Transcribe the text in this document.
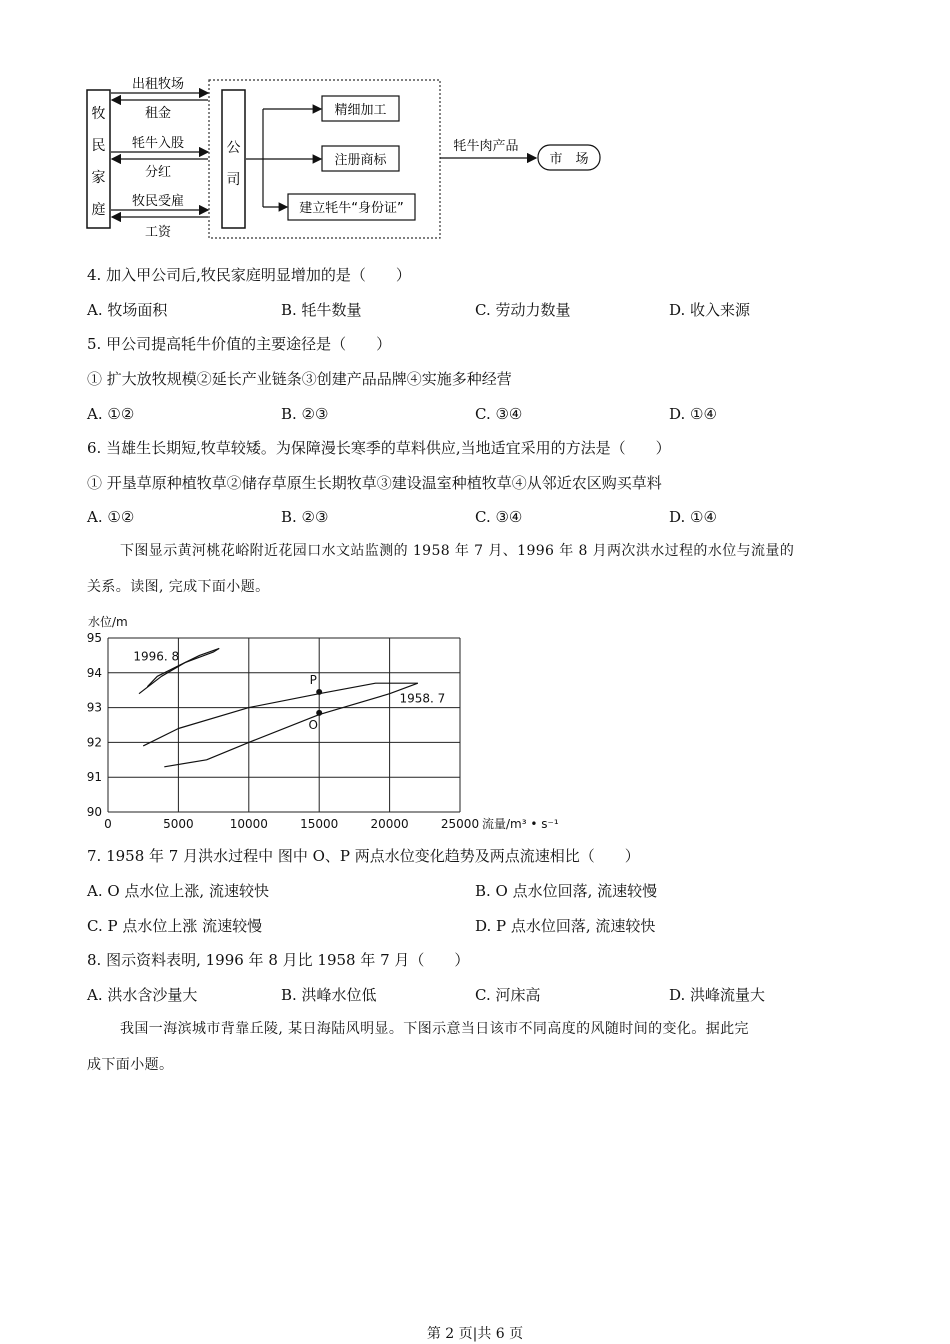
牧
民
家
庭
出租牧场
租金
牦牛入股
分红
牧民受雇
工资
公
司
精细加工
注册商标
建立牦牛“身份证”
牦牛肉产品
市　场
4. 加入甲公司后,牧民家庭明显增加的是（　　）
A. 牧场面积	B. 牦牛数量	C. 劳动力数量	D. 收入来源
5. 甲公司提高牦牛价值的主要途径是（　　）
① 扩大放牧规模②延长产业链条③创建产品品牌④实施多种经营
A. ①②	B. ②③	C. ③④	D. ①④
6. 当雄生长期短,牧草较矮。为保障漫长寒季的草料供应,当地适宜采用的方法是（　　）
① 开垦草原种植牧草②储存草原生长期牧草③建设温室种植牧草④从邻近农区购买草料
A. ①②	B. ②③	C. ③④	D. ①④
下图显示黄河桃花峪附近花园口水文站监测的 1958 年 7 月、1996 年 8 月两次洪水过程的水位与流量的
关系。读图, 完成下面小题。
0	5000	10000	15000	20000	25000
90
91
92
93
94
95
水位/m
流量/m³ • s⁻¹
1996. 8
1958. 7
P
O
7. 1958 年 7 月洪水过程中 图中 O、P 两点水位变化趋势及两点流速相比（　　）
A. O 点水位上涨, 流速较快	B. O 点水位回落, 流速较慢
C. P 点水位上涨 流速较慢	D. P 点水位回落, 流速较快
8. 图示资料表明, 1996 年 8 月比 1958 年 7 月（　　）
A. 洪水含沙量大	B. 洪峰水位低	C. 河床高	D. 洪峰流量大
我国一海滨城市背靠丘陵, 某日海陆风明显。下图示意当日该市不同高度的风随时间的变化。据此完
成下面小题。
第 2 页|共 6 页
